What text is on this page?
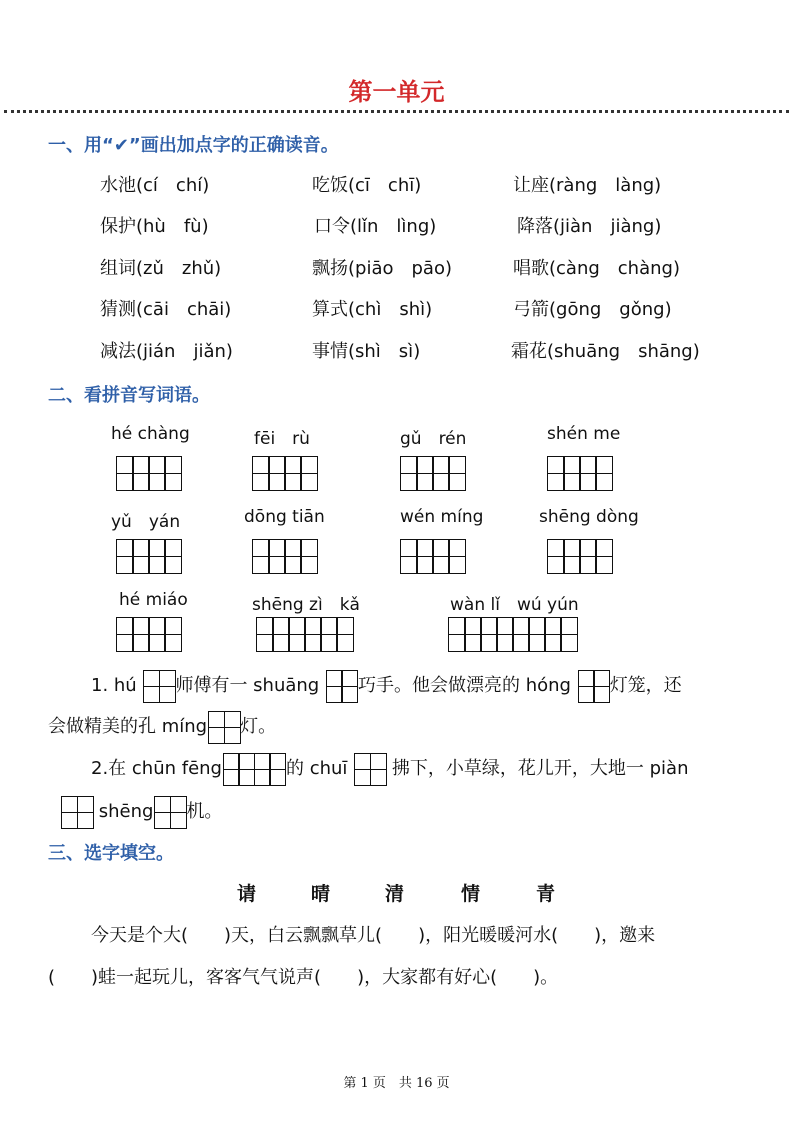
第一单元
一、用“✔”画出加点字的正确读音。
水池(cí　chí)	吃饭(cī　chī)	让座(ràng　làng)
保护(hù　fù)	口令(lǐn　lìng)	降落(jiàn　jiàng)
组词(zǔ　zhǔ)	飘扬(piāo　pāo)	唱歌(càng　chàng)
猜测(cāi　chāi)	算式(chì　shì)	弓箭(gōng　gǒng)
减法(jián　jiǎn)	事情(shì　sì)	霜花(shuāng　shāng)
二、看拼音写词语。
hé chàng	fēi　rù	gǔ　rén	shén me
yǔ　yán	dōng tiān	wén míng	shēng dòng
hé miáo	shēng zì　kǎ	wàn lǐ　wú yún
1. hú 师傅有一 shuāng 巧手。他会做漂亮的 hóng 灯笼，还
会做精美的孔 míng 灯。
2.在 chūn fēng	的 chuī 拂下，小草绿，花儿开，大地一 piàn
shēng 机。
三、选字填空。
请	晴	清	情	青
今天是个大(　　)天，白云飘飘草儿(　　)，阳光暖暖河水(　　)，邀来
(　　)蛙一起玩儿，客客气气说声(　　)，大家都有好心(　　)。
第 1 页　共 16 页
